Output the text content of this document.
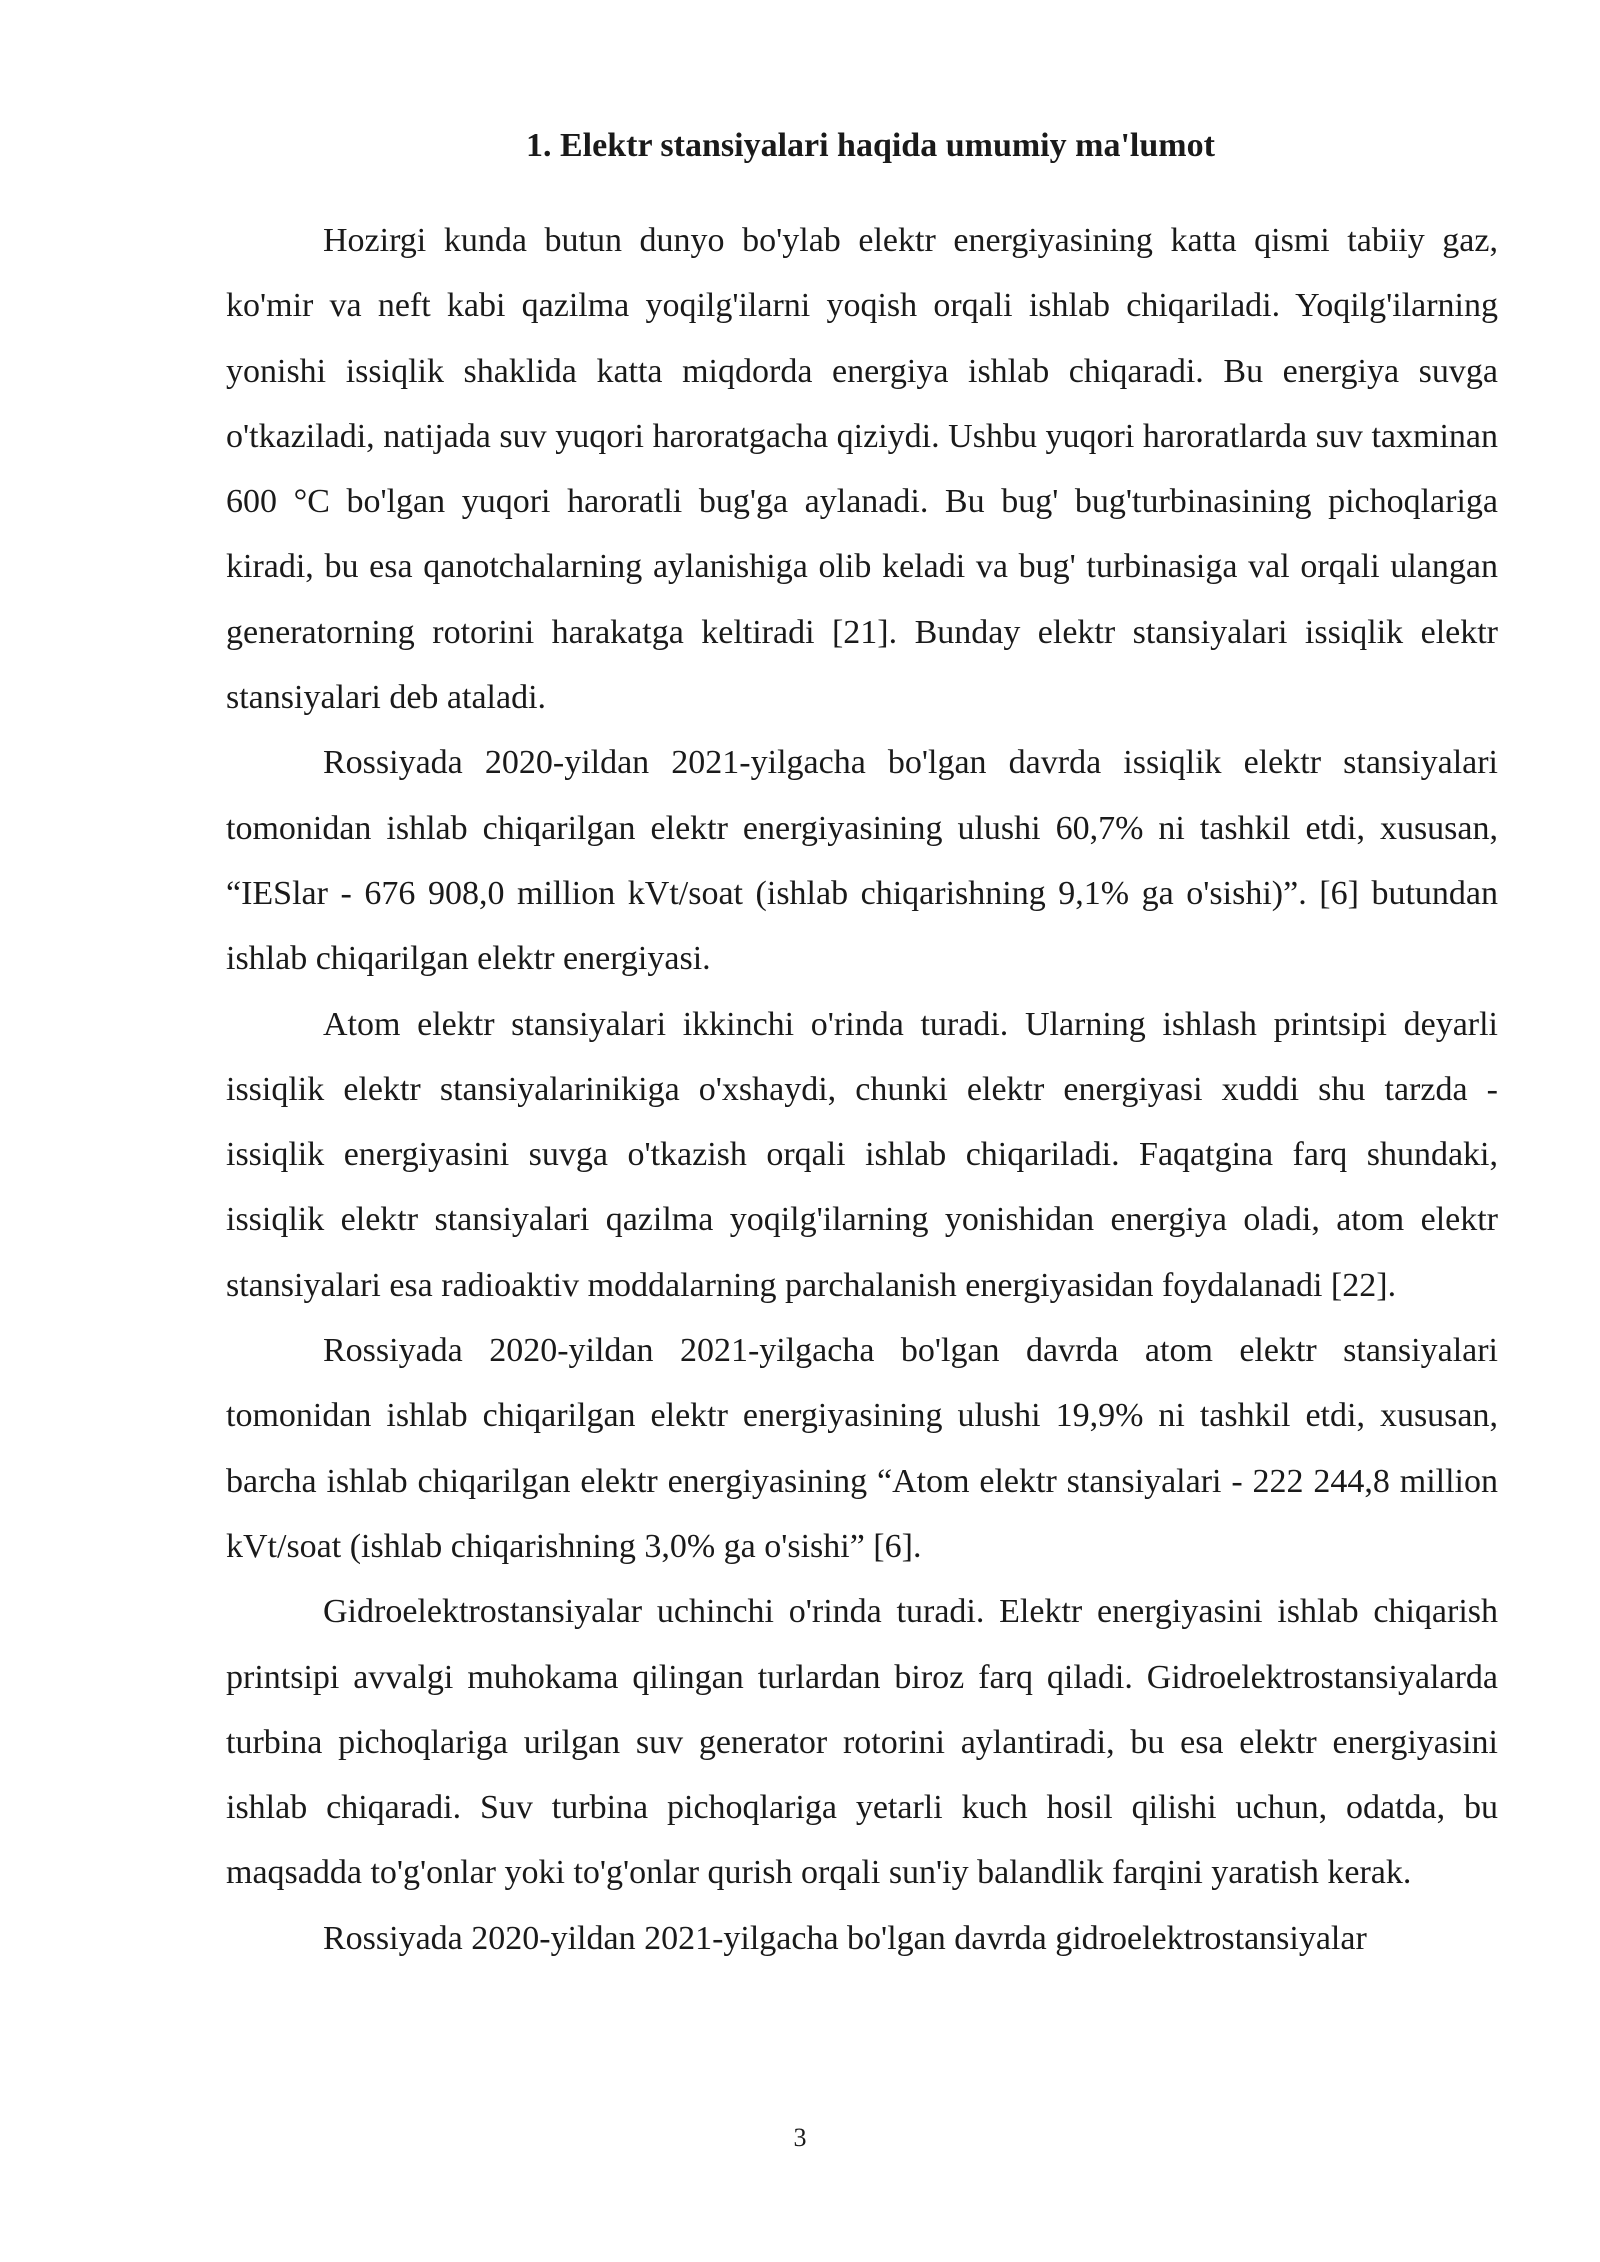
1. Elektr stansiyalari haqida umumiy ma'lumot

Hozirgi kunda butun dunyo bo'ylab elektr energiyasining katta qismi tabiiy gaz, ko'mir va neft kabi qazilma yoqilg'ilarni yoqish orqali ishlab chiqariladi. Yoqilg'ilarning yonishi issiqlik shaklida katta miqdorda energiya ishlab chiqaradi. Bu energiya suvga o'tkaziladi, natijada suv yuqori haroratgacha qiziydi. Ushbu yuqori haroratlarda suv taxminan 600 °C bo'lgan yuqori haroratli bug'ga aylanadi. Bu bug' bug'turbinasining pichoqlariga kiradi, bu esa qanotchalarning aylanishiga olib keladi va bug' turbinasiga val orqali ulangan generatorning rotorini harakatga keltiradi [21]. Bunday elektr stansiyalari issiqlik elektr stansiyalari deb ataladi.

Rossiyada 2020-yildan 2021-yilgacha bo'lgan davrda issiqlik elektr stansiyalari tomonidan ishlab chiqarilgan elektr energiyasining ulushi 60,7% ni tashkil etdi, xususan, “IESlar - 676 908,0 million kVt/soat (ishlab chiqarishning 9,1% ga o'sishi)”. [6] butundan ishlab chiqarilgan elektr energiyasi.

Atom elektr stansiyalari ikkinchi o'rinda turadi. Ularning ishlash printsipi deyarli issiqlik elektr stansiyalarinikiga o'xshaydi, chunki elektr energiyasi xuddi shu tarzda - issiqlik energiyasini suvga o'tkazish orqali ishlab chiqariladi. Faqatgina farq shundaki, issiqlik elektr stansiyalari qazilma yoqilg'ilarning yonishidan energiya oladi, atom elektr stansiyalari esa radioaktiv moddalarning parchalanish energiyasidan foydalanadi [22].

Rossiyada 2020-yildan 2021-yilgacha bo'lgan davrda atom elektr stansiyalari tomonidan ishlab chiqarilgan elektr energiyasining ulushi 19,9% ni tashkil etdi, xususan, barcha ishlab chiqarilgan elektr energiyasining “Atom elektr stansiyalari - 222 244,8 million kVt/soat (ishlab chiqarishning 3,0% ga o'sishi” [6].

Gidroelektrostansiyalar uchinchi o'rinda turadi. Elektr energiyasini ishlab chiqarish printsipi avvalgi muhokama qilingan turlardan biroz farq qiladi. Gidroelektrostansiyalarda turbina pichoqlariga urilgan suv generator rotorini aylantiradi, bu esa elektr energiyasini ishlab chiqaradi. Suv turbina pichoqlariga yetarli kuch hosil qilishi uchun, odatda, bu maqsadda to'g'onlar yoki to'g'onlar qurish orqali sun'iy balandlik farqini yaratish kerak.

Rossiyada 2020-yildan 2021-yilgacha bo'lgan davrda gidroelektrostansiyalar

3
